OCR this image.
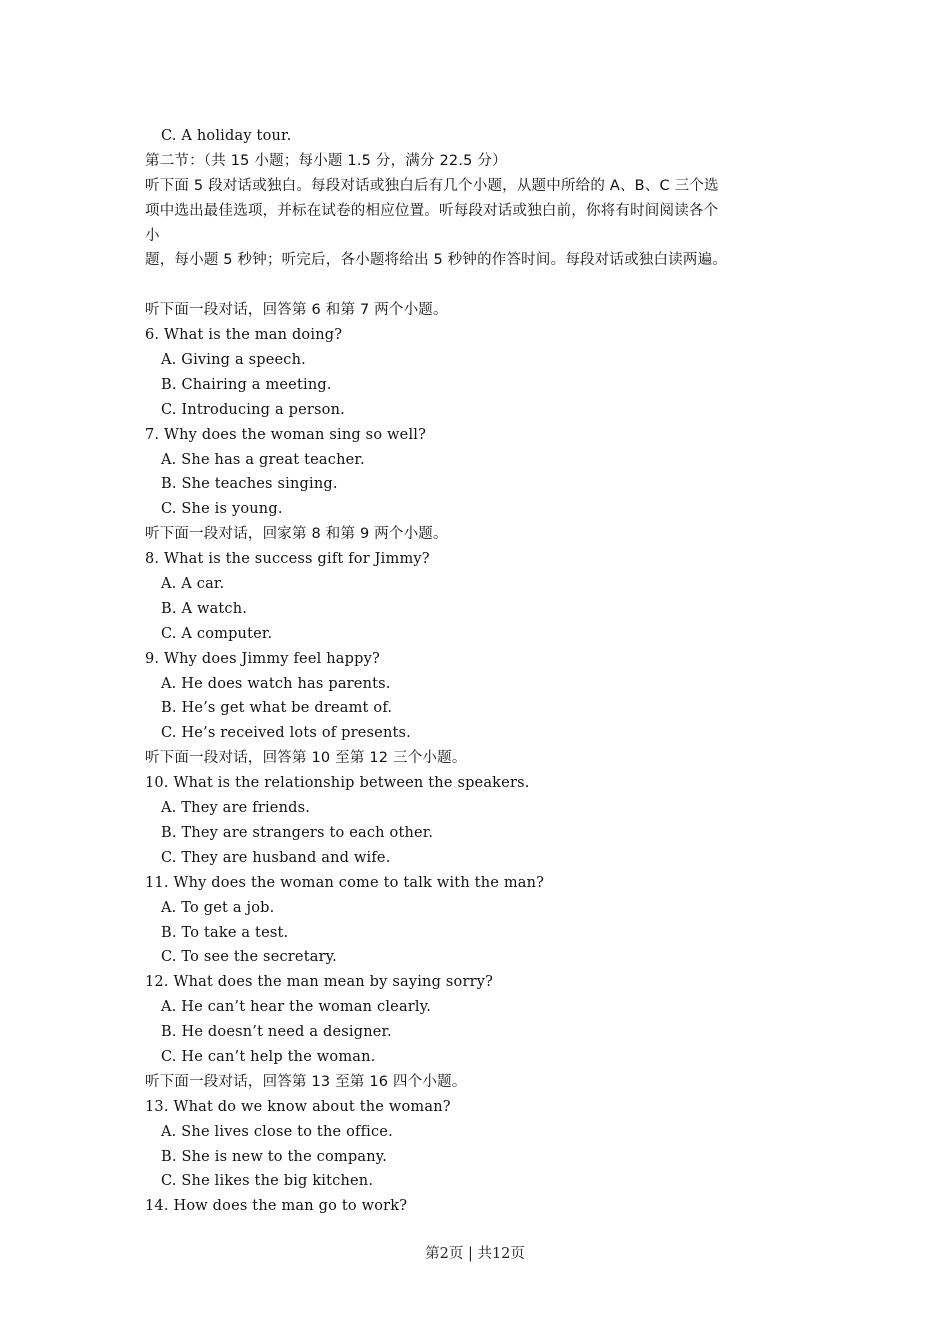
C. A holiday tour.
第二节：（共 15 小题；每小题 1.5 分，满分 22.5 分）
听下面 5 段对话或独白。每段对话或独白后有几个小题，从题中所给的 A、B、C 三个选
项中选出最佳选项，并标在试卷的相应位置。听每段对话或独白前，你将有时间阅读各个
小
题，每小题 5 秒钟；听完后，各小题将给出 5 秒钟的作答时间。每段对话或独白读两遍。
听下面一段对话，回答第 6 和第 7 两个小题。
6. What is the man doing?
A. Giving a speech.
B. Chairing a meeting.
C. Introducing a person.
7. Why does the woman sing so well?
A. She has a great teacher.
B. She teaches singing.
C. She is young.
听下面一段对话，回家第 8 和第 9 两个小题。
8. What is the success gift for Jimmy?
A. A car.
B. A watch.
C. A computer.
9. Why does Jimmy feel happy?
A. He does watch has parents.
B. He’s get what be dreamt of.
C. He’s received lots of presents.
听下面一段对话，回答第 10 至第 12 三个小题。
10. What is the relationship between the speakers.
A. They are friends.
B. They are strangers to each other.
C. They are husband and wife.
11. Why does the woman come to talk with the man?
A. To get a job.
B. To take a test.
C. To see the secretary.
12. What does the man mean by saying sorry?
A. He can’t hear the woman clearly.
B. He doesn’t need a designer.
C. He can’t help the woman.
听下面一段对话，回答第 13 至第 16 四个小题。
13. What do we know about the woman?
A. She lives close to the office.
B. She is new to the company.
C. She likes the big kitchen.
14. How does the man go to work?
第2页 | 共12页
